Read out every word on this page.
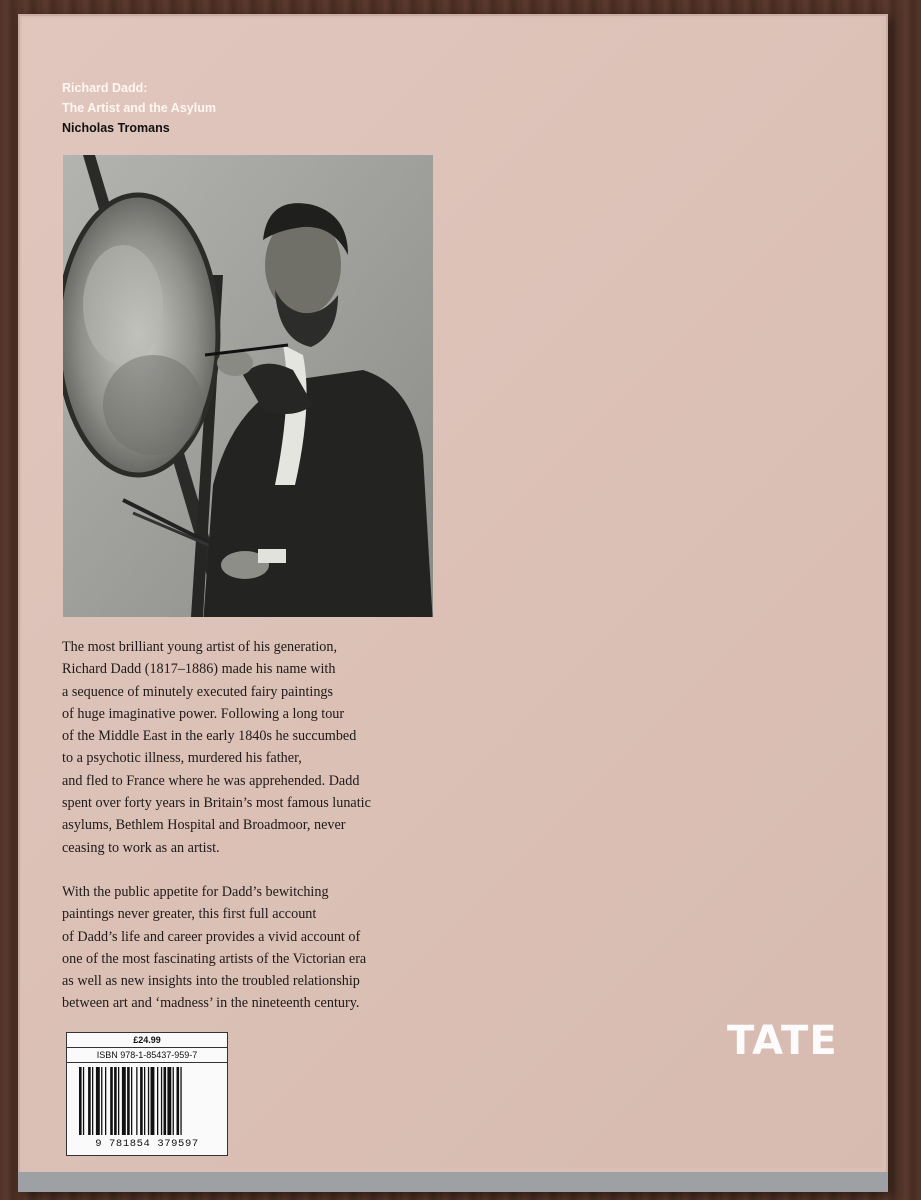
Richard Dadd:
The Artist and the Asylum
Nicholas Tromans

The most brilliant young artist of his generation,
Richard Dadd (1817–1886) made his name with
a sequence of minutely executed fairy paintings
of huge imaginative power. Following a long tour
of the Middle East in the early 1840s he succumbed
to a psychotic illness, murdered his father,
and fled to France where he was apprehended. Dadd
spent over forty years in Britain’s most famous lunatic
asylums, Bethlem Hospital and Broadmoor, never
ceasing to work as an artist.

With the public appetite for Dadd’s bewitching
paintings never greater, this first full account
of Dadd’s life and career provides a vivid account of
one of the most fascinating artists of the Victorian era
as well as new insights into the troubled relationship
between art and ‘madness’ in the nineteenth century.

£24.99
ISBN 978-1-85437-959-7
9 781854 379597
TATE
